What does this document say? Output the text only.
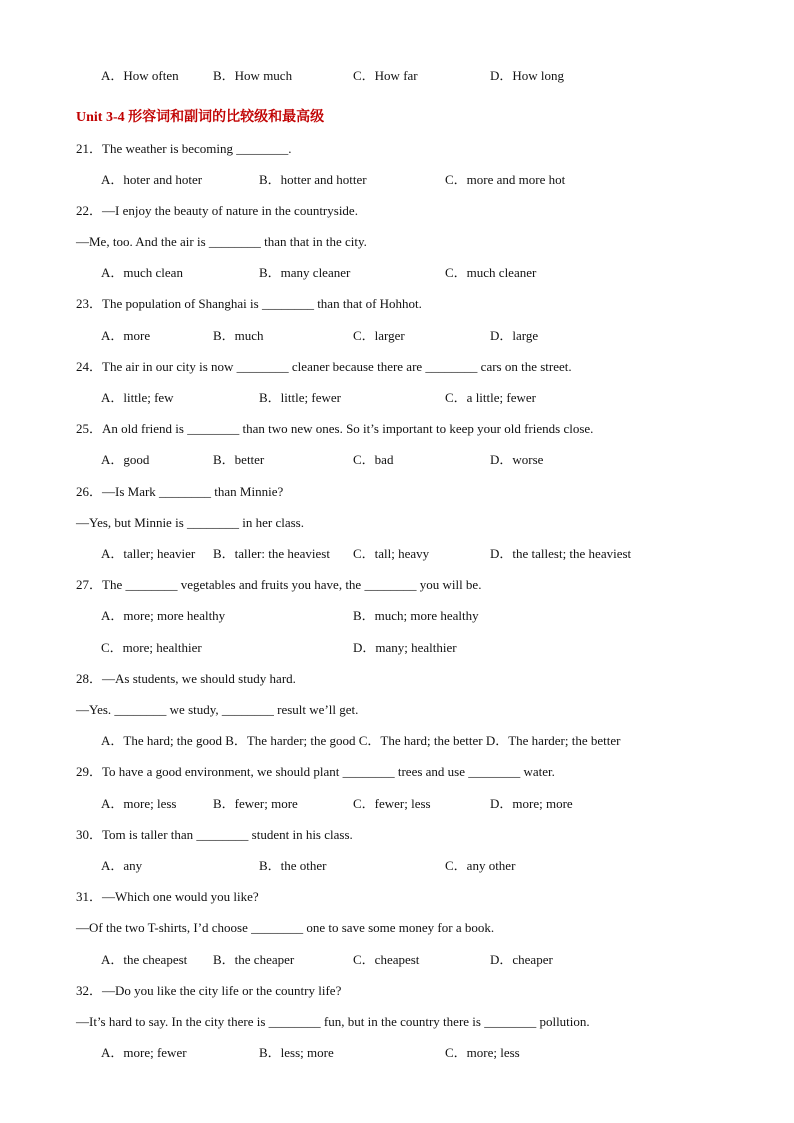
A．How often	B．How much	C．How far	D．How long
Unit 3-4 形容词和副词的比较级和最高级
21．The weather is becoming ________.
A．hoter and hoter	B．hotter and hotter	C．more and more hot
22．—I enjoy the beauty of nature in the countryside.
—Me, too. And the air is ________ than that in the city.
A．much clean	B．many cleaner	C．much cleaner
23．The population of Shanghai is ________ than that of Hohhot.
A．more	B．much	C．larger	D．large
24．The air in our city is now ________ cleaner because there are ________ cars on the street.
A．little; few	B．little; fewer	C．a little; fewer
25．An old friend is ________ than two new ones. So it’s important to keep your old friends close.
A．good	B．better	C．bad	D．worse
26．—Is Mark ________ than Minnie?
—Yes, but Minnie is ________ in her class.
A．taller; heavier B．taller: the heaviest C．tall; heavy	D．the tallest; the heaviest
27．The ________ vegetables and fruits you have, the ________ you will be.
A．more; more healthy	B．much; more healthy
C．more; healthier	D．many; healthier
28．—As students, we should study hard.
—Yes. ________ we study, ________ result we’ll get.
A．The hard; the good B．The harder; the good C．The hard; the better D．The harder; the better
29．To have a good environment, we should plant ________ trees and use ________ water.
A．more; less	B．fewer; more	C．fewer; less	D．more; more
30．Tom is taller than ________ student in his class.
A．any	B．the other	C．any other
31．—Which one would you like?
—Of the two T-shirts, I’d choose ________ one to save some money for a book.
A．the cheapest B．the cheaper	C．cheapest	D．cheaper
32．—Do you like the city life or the country life?
—It’s hard to say. In the city there is ________ fun, but in the country there is ________ pollution.
A．more; fewer	B．less; more	C．more; less
